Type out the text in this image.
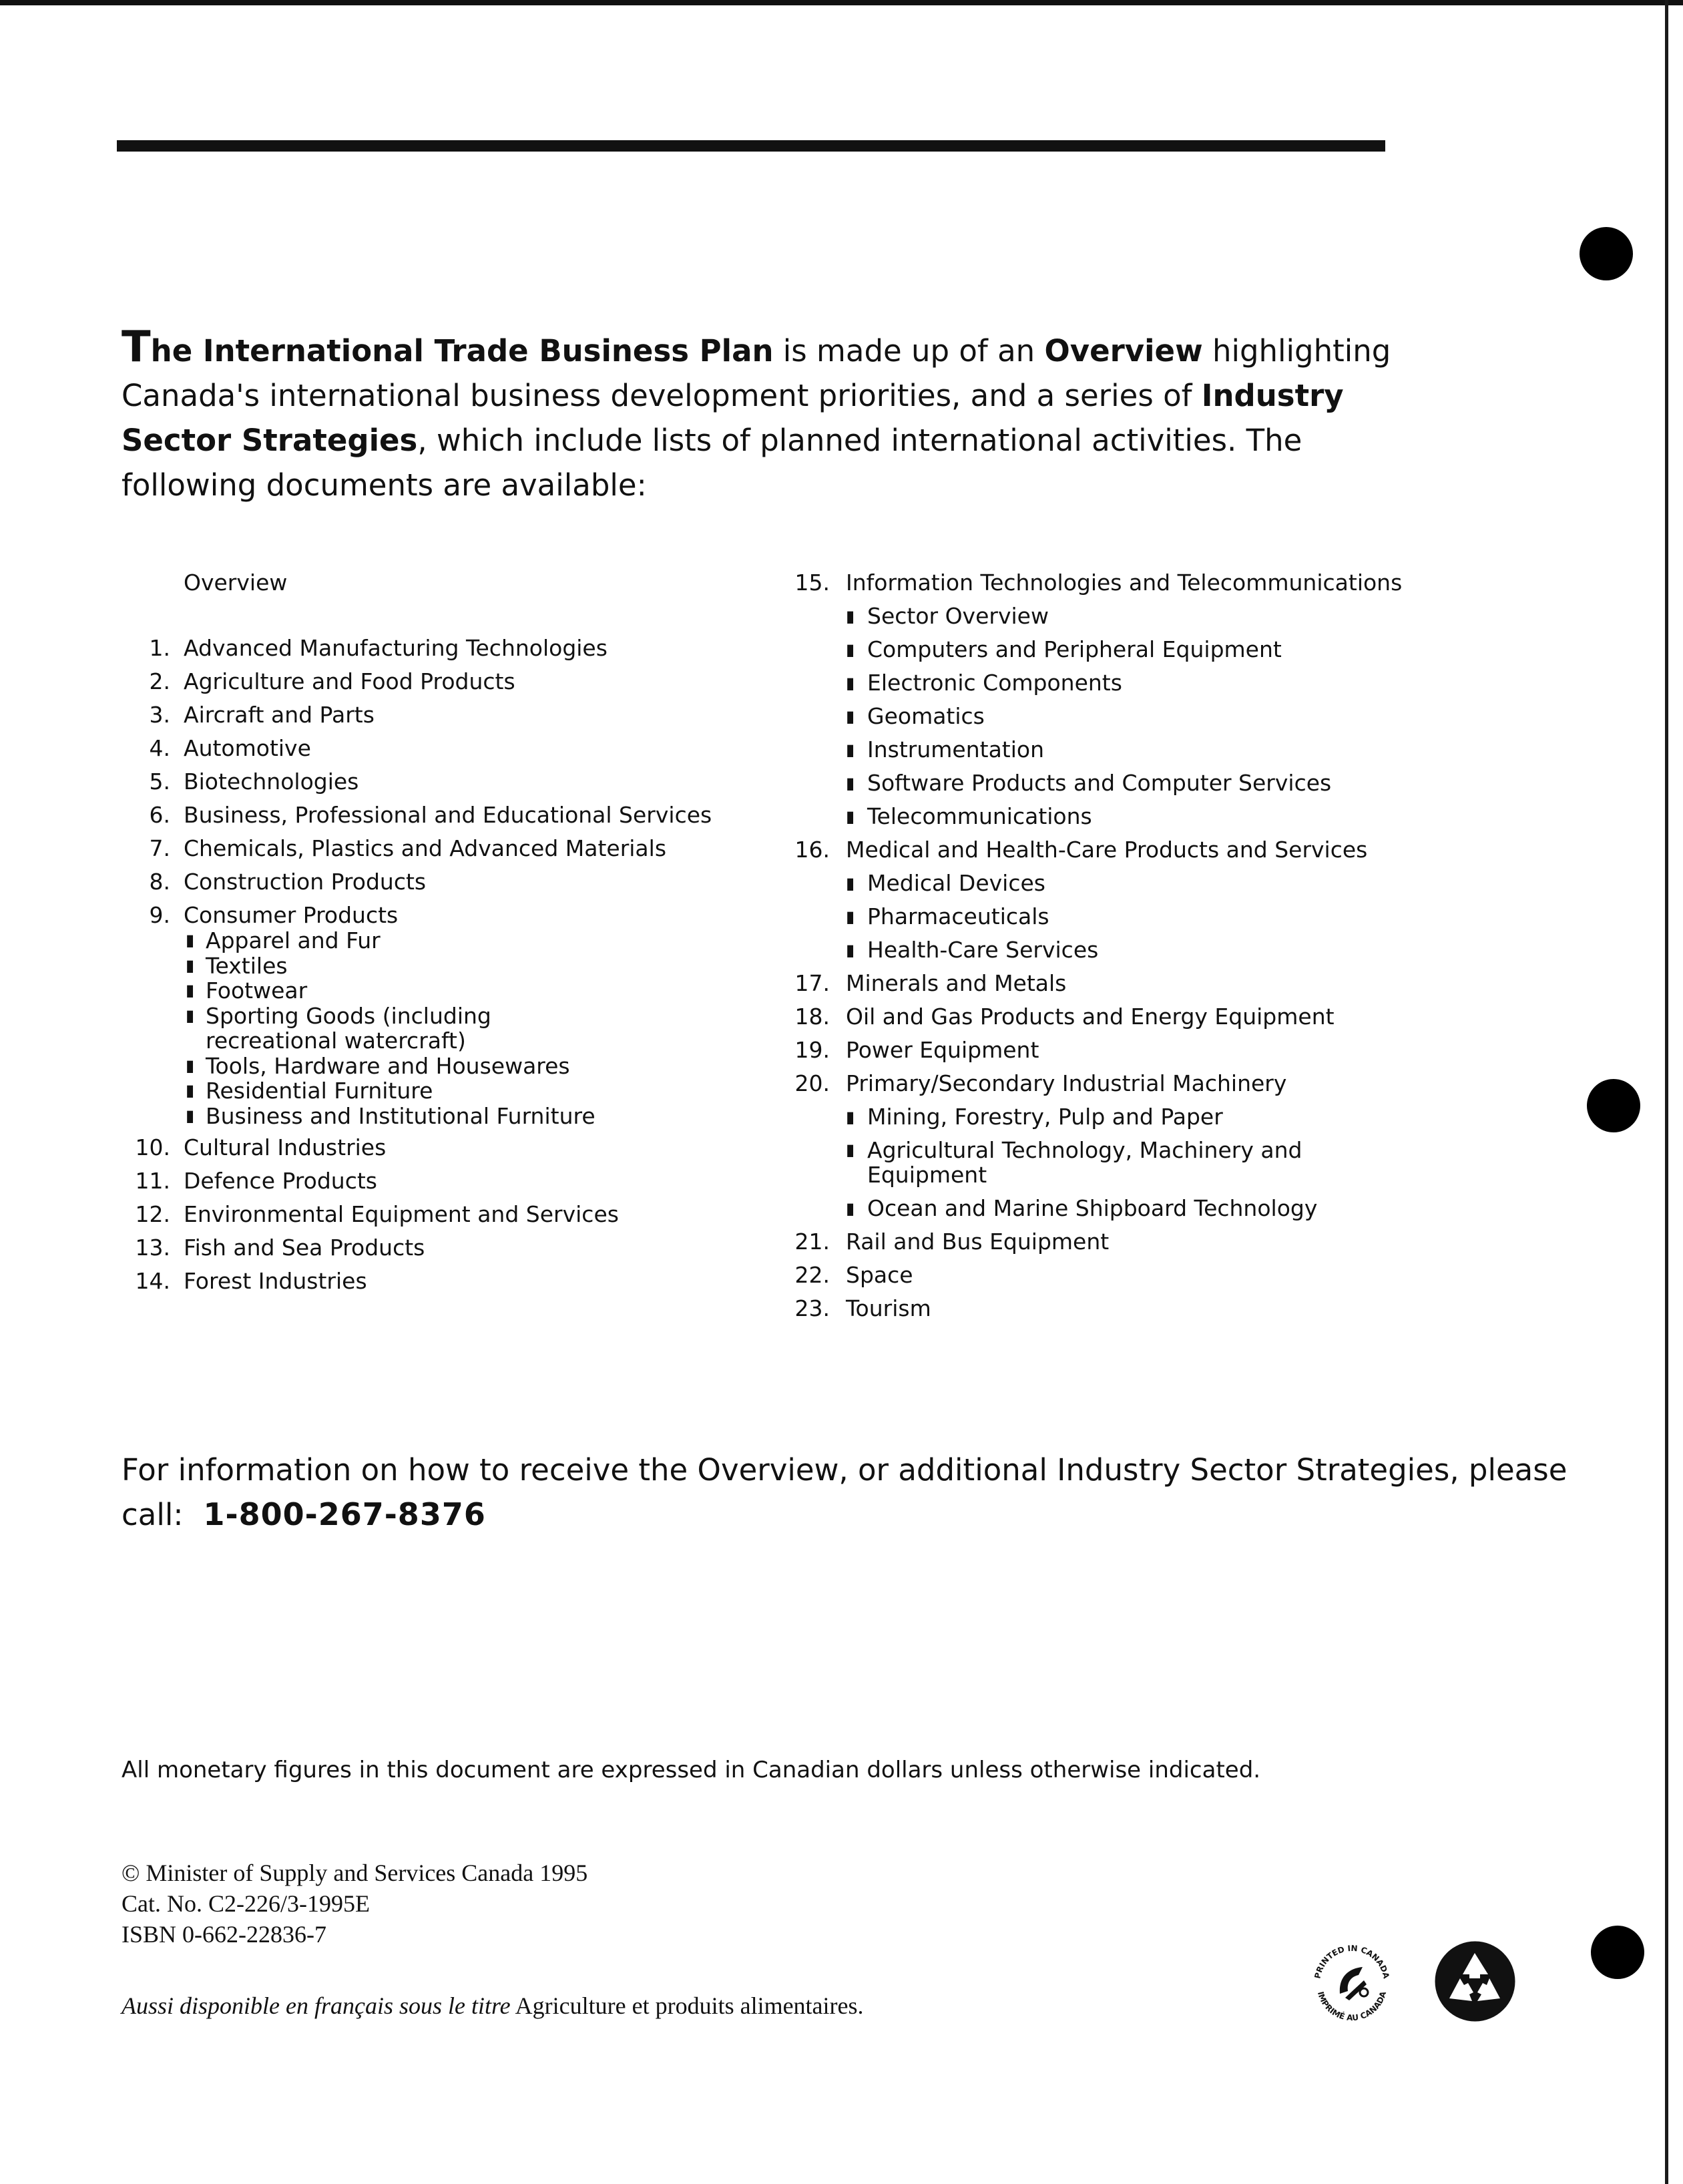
The International Trade Business Plan is made up of an Overview highlighting Canada's international business development priorities, and a series of Industry Sector Strategies, which include lists of planned international activities. The following documents are available:
Overview
1. Advanced Manufacturing Technologies
2. Agriculture and Food Products
3. Aircraft and Parts
4. Automotive
5. Biotechnologies
6. Business, Professional and Educational Services
7. Chemicals, Plastics and Advanced Materials
8. Construction Products
9. Consumer Products
▮ Apparel and Fur
▮ Textiles
▮ Footwear
▮ Sporting Goods (including recreational watercraft)
▮ Tools, Hardware and Housewares
▮ Residential Furniture
▮ Business and Institutional Furniture
10. Cultural Industries
11. Defence Products
12. Environmental Equipment and Services
13. Fish and Sea Products
14. Forest Industries
15. Information Technologies and Telecommunications
▮ Sector Overview
▮ Computers and Peripheral Equipment
▮ Electronic Components
▮ Geomatics
▮ Instrumentation
▮ Software Products and Computer Services
▮ Telecommunications
16. Medical and Health-Care Products and Services
▮ Medical Devices
▮ Pharmaceuticals
▮ Health-Care Services
17. Minerals and Metals
18. Oil and Gas Products and Energy Equipment
19. Power Equipment
20. Primary/Secondary Industrial Machinery
▮ Mining, Forestry, Pulp and Paper
▮ Agricultural Technology, Machinery and Equipment
▮ Ocean and Marine Shipboard Technology
21. Rail and Bus Equipment
22. Space
23. Tourism
For information on how to receive the Overview, or additional Industry Sector Strategies, please call: 1-800-267-8376
All monetary figures in this document are expressed in Canadian dollars unless otherwise indicated.
© Minister of Supply and Services Canada 1995
Cat. No. C2-226/3-1995E
ISBN 0-662-22836-7
Aussi disponible en français sous le titre Agriculture et produits alimentaires.
PRINTED IN CANADA
IMPRIMÉ AU CANADA
